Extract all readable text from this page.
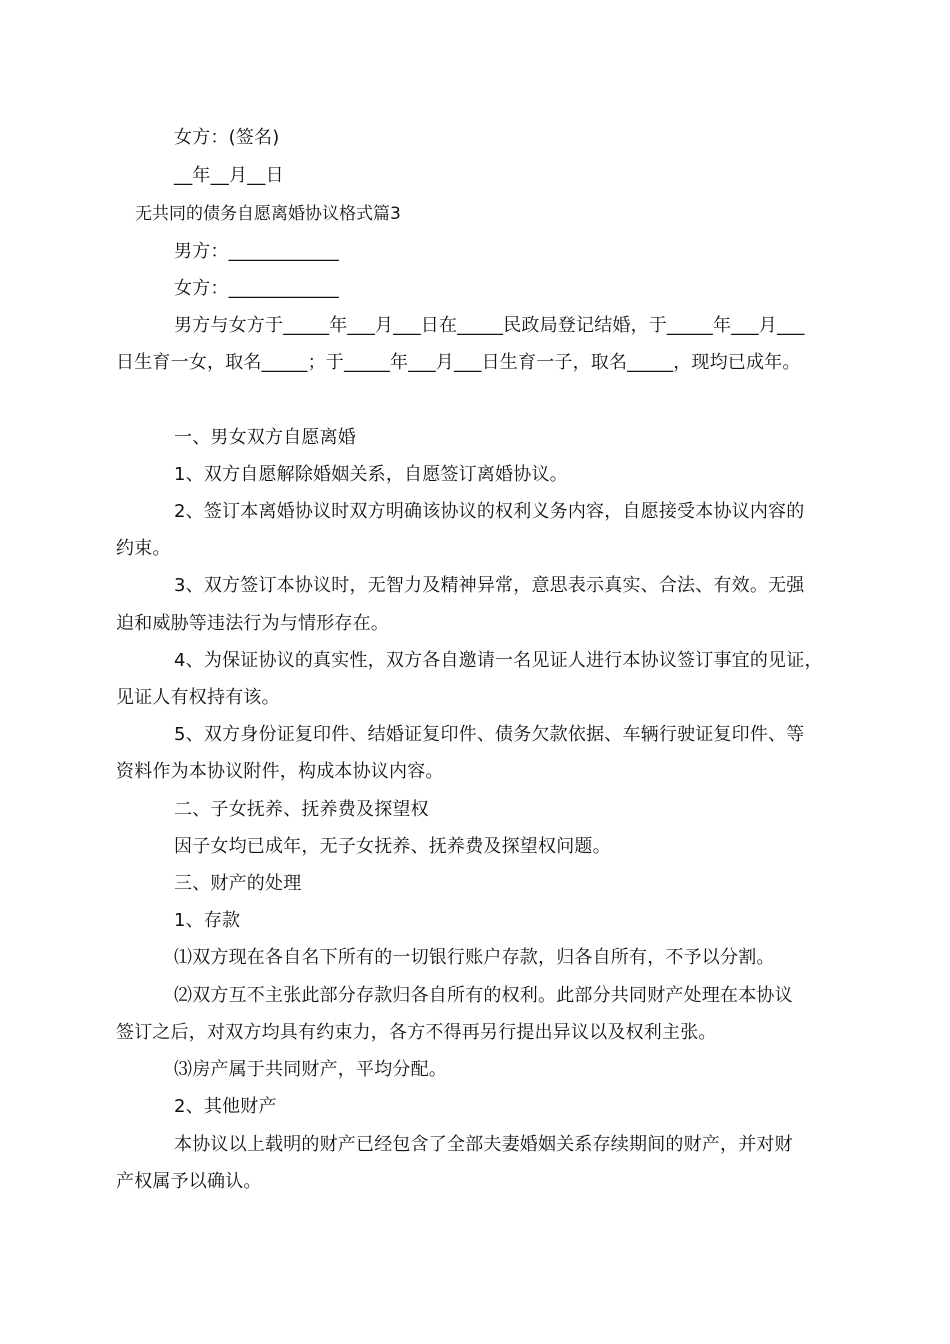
女方：(签名)
__年__月__日
无共同的债务自愿离婚协议格式篇3
男方：____________
女方：____________
男方与女方于_____年___月___日在_____民政局登记结婚，于_____年___月___
日生育一女，取名_____；于_____年___月___日生育一子，取名_____，现均已成年。
一、男女双方自愿离婚
1、双方自愿解除婚姻关系，自愿签订离婚协议。
2、签订本离婚协议时双方明确该协议的权利义务内容，自愿接受本协议内容的
约束。
3、双方签订本协议时，无智力及精神异常，意思表示真实、合法、有效。无强
迫和威胁等违法行为与情形存在。
4、为保证协议的真实性，双方各自邀请一名见证人进行本协议签订事宜的见证，
见证人有权持有该。
5、双方身份证复印件、结婚证复印件、债务欠款依据、车辆行驶证复印件、等
资料作为本协议附件，构成本协议内容。
二、子女抚养、抚养费及探望权
因子女均已成年，无子女抚养、抚养费及探望权问题。
三、财产的处理
1、存款
⑴双方现在各自名下所有的一切银行账户存款，归各自所有，不予以分割。
⑵双方互不主张此部分存款归各自所有的权利。此部分共同财产处理在本协议
签订之后，对双方均具有约束力，各方不得再另行提出异议以及权利主张。
⑶房产属于共同财产，平均分配。
2、其他财产
本协议以上载明的财产已经包含了全部夫妻婚姻关系存续期间的财产，并对财
产权属予以确认。
